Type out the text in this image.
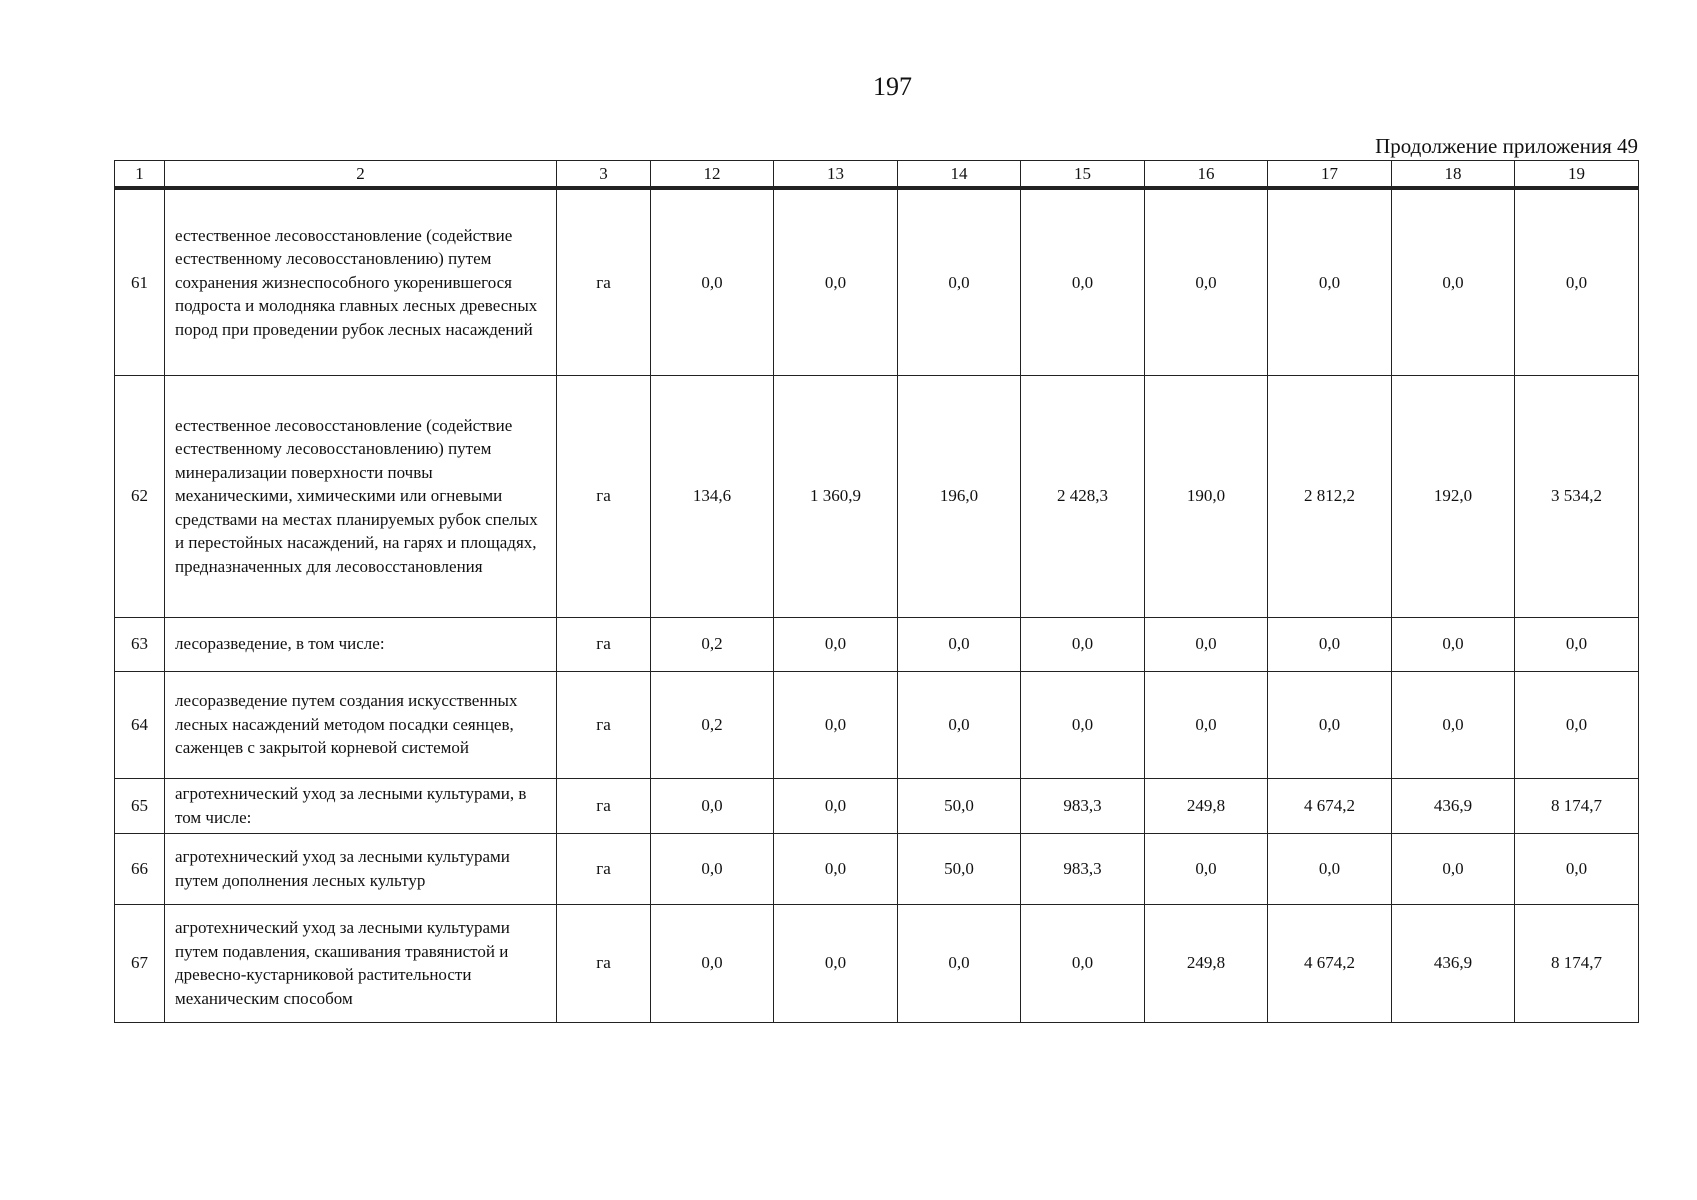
197
Продолжение приложения 49
1	2	3	12	13	14	15	16	17	18	19
61	естественное лесовосстановление (содействие естественному лесовосстановлению) путем сохранения жизнеспособного укоренившегося подроста и молодняка главных лесных древесных пород при проведении рубок лесных насаждений	га	0,0	0,0	0,0	0,0	0,0	0,0	0,0	0,0
62	естественное лесовосстановление (содействие естественному лесовосстановлению) путем минерализации поверхности почвы механическими, химическими или огневыми средствами на местах планируемых рубок спелых и перестойных насаждений, на гарях и площадях, предназначенных для лесовосстановления	га	134,6	1 360,9	196,0	2 428,3	190,0	2 812,2	192,0	3 534,2
63	лесоразведение, в том числе:	га	0,2	0,0	0,0	0,0	0,0	0,0	0,0	0,0
64	лесоразведение путем создания искусственных лесных насаждений методом посадки сеянцев, саженцев с закрытой корневой системой	га	0,2	0,0	0,0	0,0	0,0	0,0	0,0	0,0
65	агротехнический уход за лесными культурами, в том числе:	га	0,0	0,0	50,0	983,3	249,8	4 674,2	436,9	8 174,7
66	агротехнический уход за лесными культурами путем дополнения лесных культур	га	0,0	0,0	50,0	983,3	0,0	0,0	0,0	0,0
67	агротехнический уход за лесными культурами путем подавления, скашивания травянистой и древесно-кустарниковой растительности механическим способом	га	0,0	0,0	0,0	0,0	249,8	4 674,2	436,9	8 174,7
